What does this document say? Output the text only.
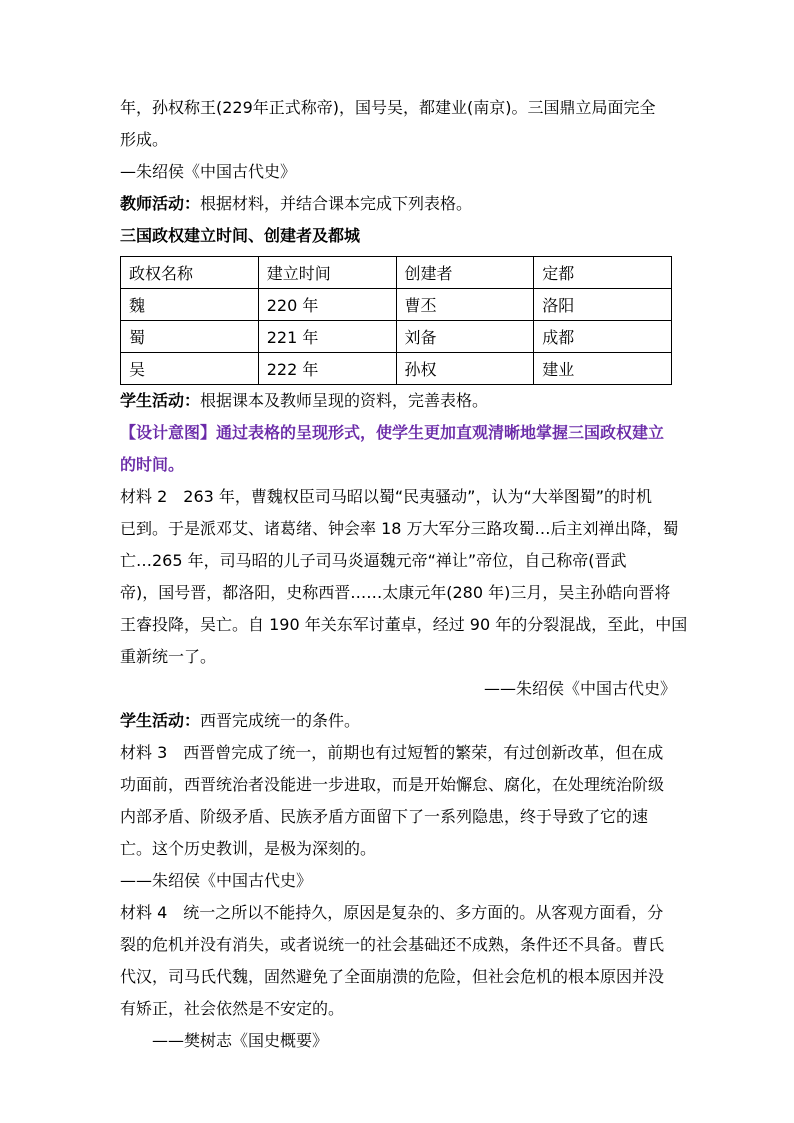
年，孙权称王(229年正式称帝)，国号吴，都建业(南京)。三国鼎立局面完全
形成。
—朱绍侯《中国古代史》
教师活动：根据材料，并结合课本完成下列表格。
三国政权建立时间、创建者及都城
政权名称	建立时间	创建者	定都
魏	220 年	曹丕	洛阳
蜀	221 年	刘备	成都
吴	222 年	孙权	建业
学生活动：根据课本及教师呈现的资料，完善表格。
【设计意图】通过表格的呈现形式，使学生更加直观清晰地掌握三国政权建立
的时间。
材料 2　263 年，曹魏权臣司马昭以蜀“民夷骚动”，认为“大举图蜀”的时机
已到。于是派邓艾、诸葛绪、钟会率 18 万大军分三路攻蜀…后主刘禅出降，蜀
亡…265 年，司马昭的儿子司马炎逼魏元帝“禅让”帝位，自己称帝(晋武
帝)，国号晋，都洛阳，史称西晋……太康元年(280 年)三月，吴主孙皓向晋将
王睿投降，吴亡。自 190 年关东军讨董卓，经过 90 年的分裂混战，至此，中国
重新统一了。
——朱绍侯《中国古代史》
学生活动：西晋完成统一的条件。
材料 3　西晋曾完成了统一，前期也有过短暂的繁荣，有过创新改革，但在成
功面前，西晋统治者没能进一步进取，而是开始懈怠、腐化，在处理统治阶级
内部矛盾、阶级矛盾、民族矛盾方面留下了一系列隐患，终于导致了它的速
亡。这个历史教训，是极为深刻的。
——朱绍侯《中国古代史》
材料 4　统一之所以不能持久，原因是复杂的、多方面的。从客观方面看，分
裂的危机并没有消失，或者说统一的社会基础还不成熟，条件还不具备。曹氏
代汉，司马氏代魏，固然避免了全面崩溃的危险，但社会危机的根本原因并没
有矫正，社会依然是不安定的。
——樊树志《国史概要》
